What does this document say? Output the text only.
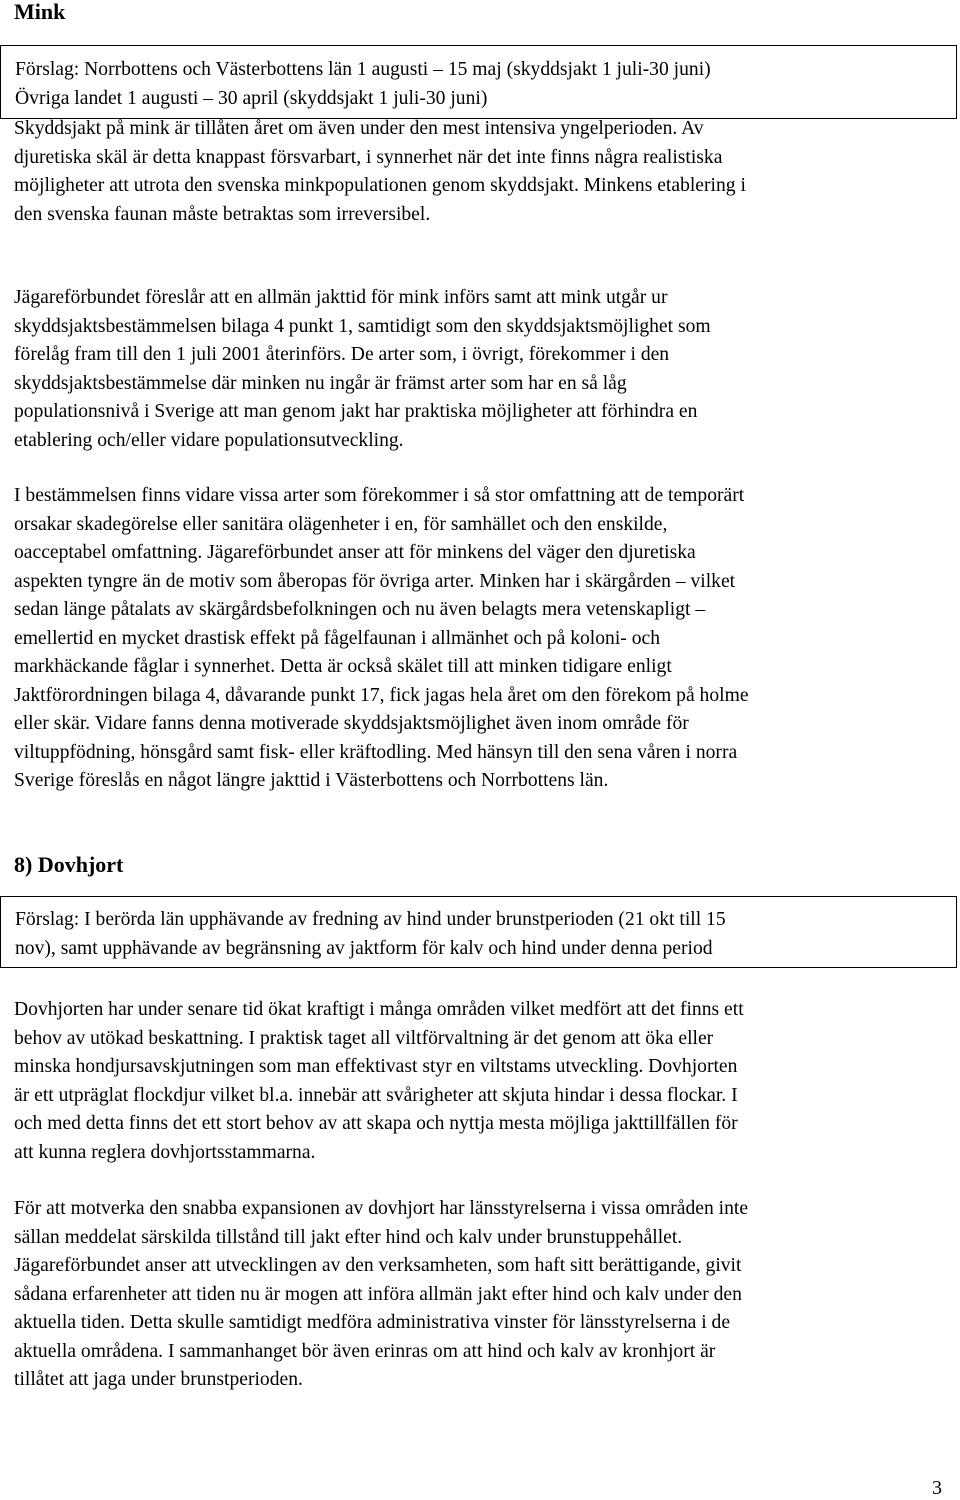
Mink

Förslag: Norrbottens och Västerbottens län 1 augusti – 15 maj (skyddsjakt 1 juli-30 juni)
Övriga landet 1 augusti – 30 april (skyddsjakt 1 juli-30 juni)

Skyddsjakt på mink är tillåten året om även under den mest intensiva yngelperioden. Av
djuretiska skäl är detta knappast försvarbart, i synnerhet när det inte finns några realistiska
möjligheter att utrota den svenska minkpopulationen genom skyddsjakt. Minkens etablering i
den svenska faunan måste betraktas som irreversibel.

Jägareförbundet föreslår att en allmän jakttid för mink införs samt att mink utgår ur
skyddsjaktsbestämmelsen bilaga 4 punkt 1, samtidigt som den skyddsjaktsmöjlighet som
förelåg fram till den 1 juli 2001 återinförs. De arter som, i övrigt, förekommer i den
skyddsjaktsbestämmelse där minken nu ingår är främst arter som har en så låg
populationsnivå i Sverige att man genom jakt har praktiska möjligheter att förhindra en
etablering och/eller vidare populationsutveckling.

I bestämmelsen finns vidare vissa arter som förekommer i så stor omfattning att de temporärt
orsakar skadegörelse eller sanitära olägenheter i en, för samhället och den enskilde,
oacceptabel omfattning. Jägareförbundet anser att för minkens del väger den djuretiska
aspekten tyngre än de motiv som åberopas för övriga arter. Minken har i skärgården – vilket
sedan länge påtalats av skärgårdsbefolkningen och nu även belagts mera vetenskapligt –
emellertid en mycket drastisk effekt på fågelfaunan i allmänhet och på koloni- och
markhäckande fåglar i synnerhet. Detta är också skälet till att minken tidigare enligt
Jaktförordningen bilaga 4, dåvarande punkt 17, fick jagas hela året om den förekom på holme
eller skär. Vidare fanns denna motiverade skyddsjaktsmöjlighet även inom område för
viltuppfödning, hönsgård samt fisk- eller kräftodling. Med hänsyn till den sena våren i norra
Sverige föreslås en något längre jakttid i Västerbottens och Norrbottens län.

8) Dovhjort

Förslag: I berörda län upphävande av fredning av hind under brunstperioden (21 okt till 15
nov), samt upphävande av begränsning av jaktform för kalv och hind under denna period

Dovhjorten har under senare tid ökat kraftigt i många områden vilket medfört att det finns ett
behov av utökad beskattning. I praktisk taget all viltförvaltning är det genom att öka eller
minska hondjursavskjutningen som man effektivast styr en viltstams utveckling. Dovhjorten
är ett utpräglat flockdjur vilket bl.a. innebär att svårigheter att skjuta hindar i dessa flockar. I
och med detta finns det ett stort behov av att skapa och nyttja mesta möjliga jakttillfällen för
att kunna reglera dovhjortsstammarna.

För att motverka den snabba expansionen av dovhjort har länsstyrelserna i vissa områden inte
sällan meddelat särskilda tillstånd till jakt efter hind och kalv under brunstuppehållet.
Jägareförbundet anser att utvecklingen av den verksamheten, som haft sitt berättigande, givit
sådana erfarenheter att tiden nu är mogen att införa allmän jakt efter hind och kalv under den
aktuella tiden. Detta skulle samtidigt medföra administrativa vinster för länsstyrelserna i de
aktuella områdena. I sammanhanget bör även erinras om att hind och kalv av kronhjort är
tillåtet att jaga under brunstperioden.

3
